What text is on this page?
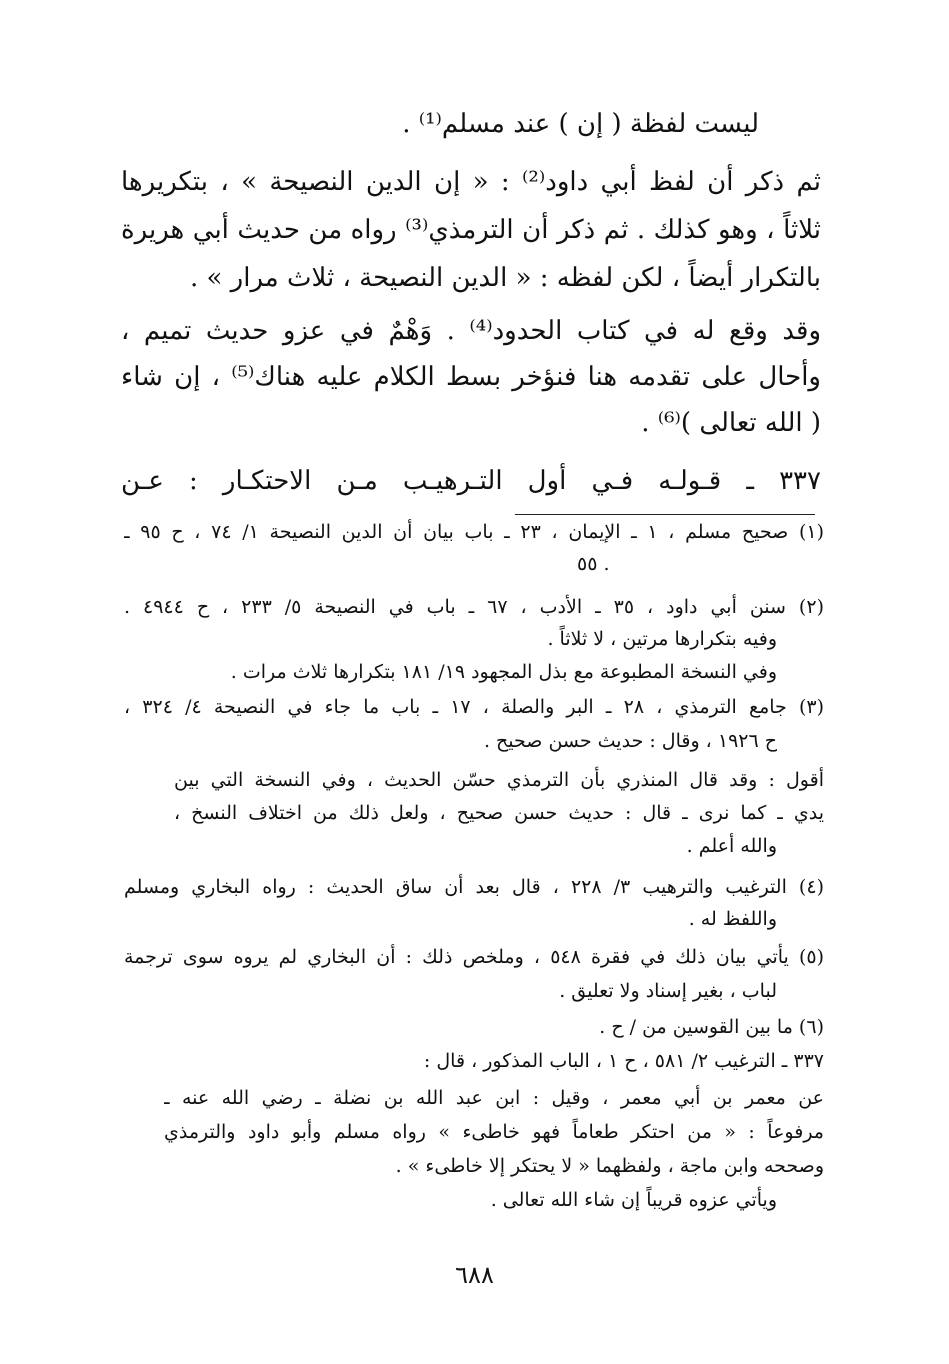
ليست لفظة ( إن ) عند مسلم⁽¹⁾ .
ثم ذكر أن لفظ أبي داود⁽²⁾ : « إن الدين النصيحة » ، بتكريرها
ثلاثاً ، وهو كذلك . ثم ذكر أن الترمذي⁽³⁾ رواه من حديث أبي هريرة
بالتكرار أيضاً ، لكن لفظه : « الدين النصيحة ، ثلاث مرار » .
وقد وقع له في كتاب الحدود⁽⁴⁾ . وَهْمٌ في عزو حديث تميم ،
وأحال على تقدمه هنا فنؤخر بسط الكلام عليه هناك⁽⁵⁾ ، إن شاء
( الله تعالى )⁽⁶⁾ .
٣٣٧ ـ قـولـه فـي أول التـرهيـب مـن الاحتكـار : عـن
(١) صحيح مسلم ، ١ ـ الإيمان ، ٢٣ ـ باب بيان أن الدين النصيحة ١/ ٧٤ ، ح ٩٥ ـ
٥٥ .
(٢) سنن أبي داود ، ٣٥ ـ الأدب ، ٦٧ ـ باب في النصيحة ٥/ ٢٣٣ ، ح ٤٩٤٤ .
وفيه بتكرارها مرتين ، لا ثلاثاً .
وفي النسخة المطبوعة مع بذل المجهود ١٩/ ١٨١ بتكرارها ثلاث مرات .
(٣) جامع الترمذي ، ٢٨ ـ البر والصلة ، ١٧ ـ باب ما جاء في النصيحة ٤/ ٣٢٤ ،
ح ١٩٢٦ ، وقال : حديث حسن صحيح .
أقول : وقد قال المنذري بأن الترمذي حسّن الحديث ، وفي النسخة التي بين
يدي ـ كما نرى ـ قال : حديث حسن صحيح ، ولعل ذلك من اختلاف النسخ ،
والله أعلم .
(٤) الترغيب والترهيب ٣/ ٢٢٨ ، قال بعد أن ساق الحديث : رواه البخاري ومسلم
واللفظ له .
(٥) يأتي بيان ذلك في فقرة ٥٤٨ ، وملخص ذلك : أن البخاري لم يروه سوى ترجمة
لباب ، بغير إسناد ولا تعليق .
(٦) ما بين القوسين من / ح .
٣٣٧ ـ الترغيب ٢/ ٥٨١ ، ح ١ ، الباب المذكور ، قال :
عن معمر بن أبي معمر ، وقيل : ابن عبد الله بن نضلة ـ رضي الله عنه ـ
مرفوعاً : « من احتكر طعاماً فهو خاطىء » رواه مسلم وأبو داود والترمذي
وصححه وابن ماجة ، ولفظهما « لا يحتكر إلا خاطىء » .
ويأتي عزوه قريباً إن شاء الله تعالى .
٦٨٨
